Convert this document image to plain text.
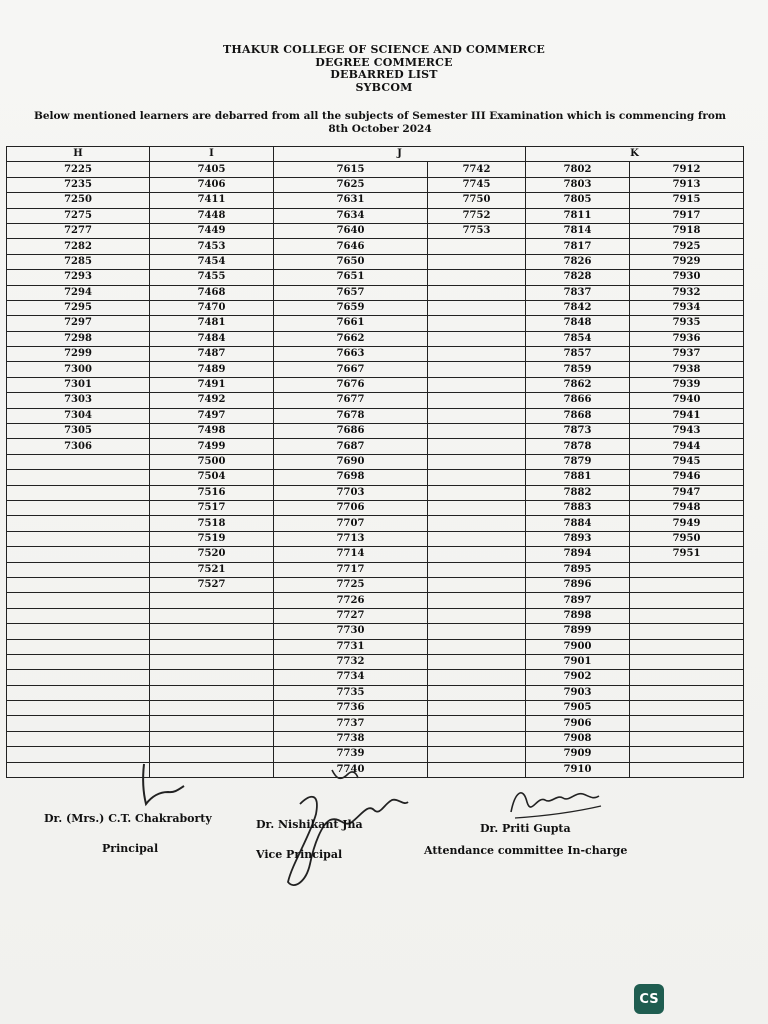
THAKUR COLLEGE OF SCIENCE AND COMMERCE
DEGREE COMMERCE
DEBARRED LIST
SYBCOM
Below mentioned learners are debarred from all the subjects of Semester III Examination which is commencing from 8th October 2024
H	I	J		K	
7225	7405	7615	7742	7802	7912
7235	7406	7625	7745	7803	7913
7250	7411	7631	7750	7805	7915
7275	7448	7634	7752	7811	7917
7277	7449	7640	7753	7814	7918
7282	7453	7646		7817	7925
7285	7454	7650		7826	7929
7293	7455	7651		7828	7930
7294	7468	7657		7837	7932
7295	7470	7659		7842	7934
7297	7481	7661		7848	7935
7298	7484	7662		7854	7936
7299	7487	7663		7857	7937
7300	7489	7667		7859	7938
7301	7491	7676		7862	7939
7303	7492	7677		7866	7940
7304	7497	7678		7868	7941
7305	7498	7686		7873	7943
7306	7499	7687		7878	7944
	7500	7690		7879	7945
	7504	7698		7881	7946
	7516	7703		7882	7947
	7517	7706		7883	7948
	7518	7707		7884	7949
	7519	7713		7893	7950
	7520	7714		7894	7951
	7521	7717		7895	
	7527	7725		7896	
		7726		7897	
		7727		7898	
		7730		7899	
		7731		7900	
		7732		7901	
		7734		7902	
		7735		7903	
		7736		7905	
		7737		7906	
		7738		7908	
		7739		7909	
		7740		7910	
Dr. (Mrs.) C.T. Chakraborty
Principal
Dr. Nishikant Jha
Vice Principal
Dr. Priti Gupta
Attendance committee In-charge
CS
